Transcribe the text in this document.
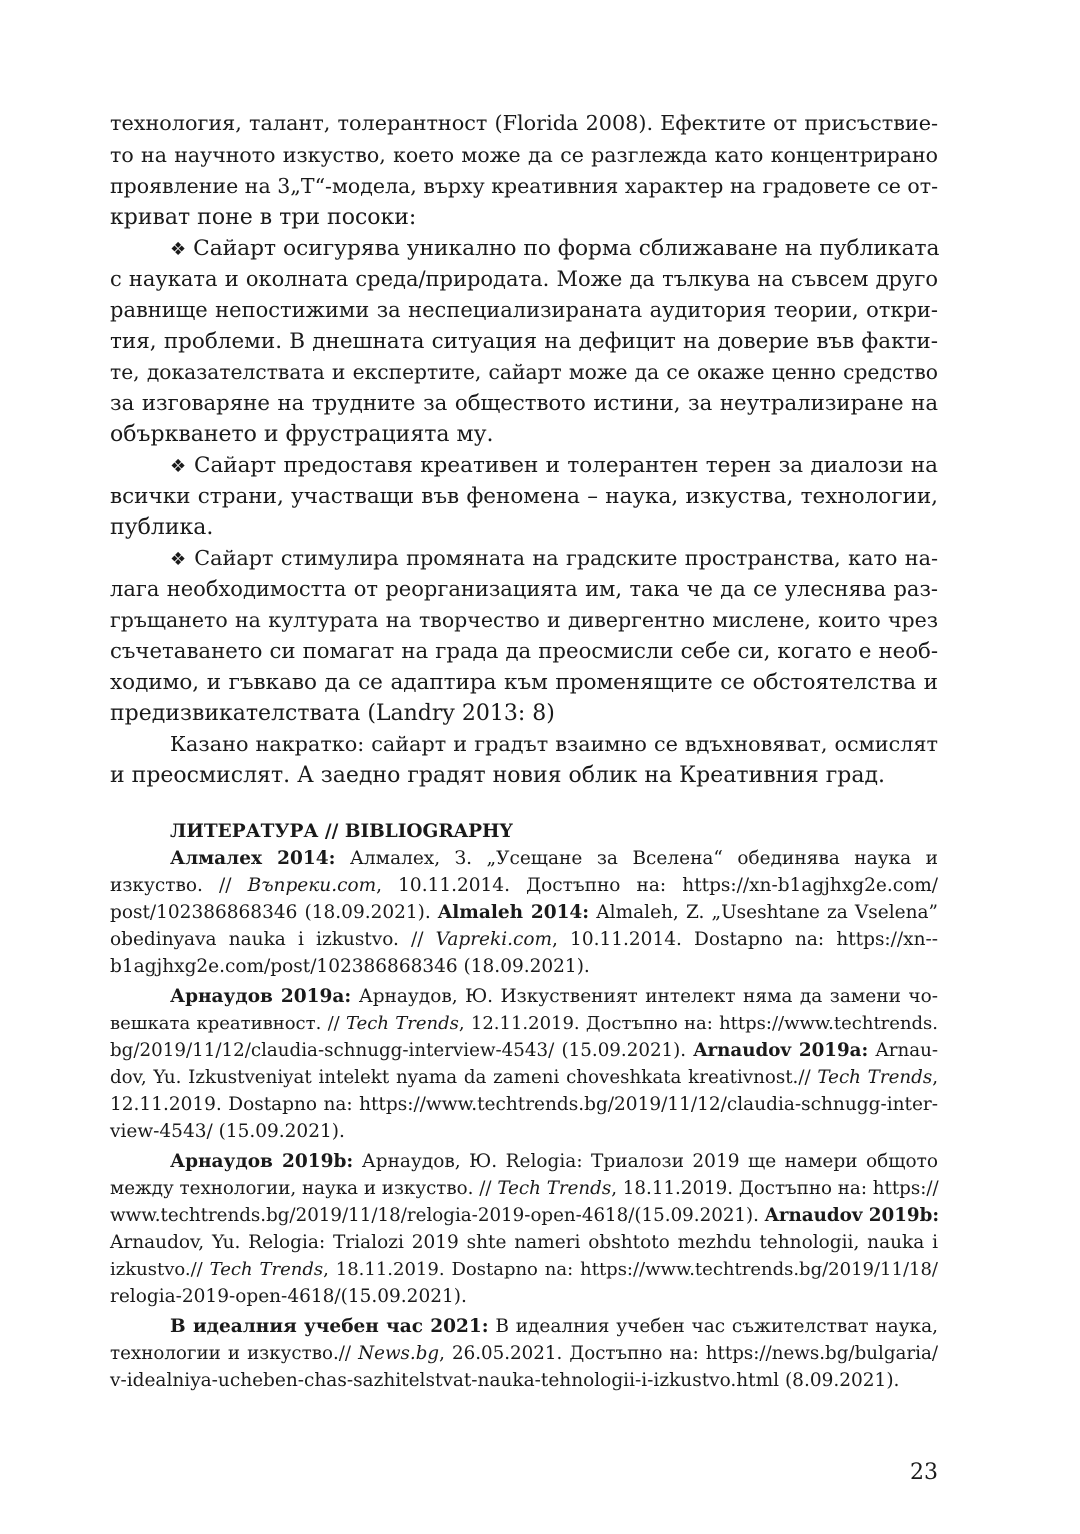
технология, талант, толерантност (Florida 2008). Ефектите от присъствие-
то на научното изкуство, което може да се разглежда като концентрирано
проявление на 3„Т“-модела, върху креативния характер на градовете се от-
криват поне в три посоки:
❖ Сайарт осигурява уникално по форма сближаване на публиката
с науката и околната среда/природата. Може да тълкува на съвсем друго
равнище непостижими за неспециализираната аудитория теории, откри-
тия, проблеми. В днешната ситуация на дефицит на доверие във факти-
те, доказателствата и експертите, сайарт може да се окаже ценно средство
за изговаряне на трудните за обществото истини, за неутрализиране на
объркването и фрустрацията му.
❖ Сайарт предоставя креативен и толерантен терен за диалози на
всички страни, участващи във феномена – наука, изкуства, технологии,
публика.
❖ Сайарт стимулира промяната на градските пространства, като на-
лага необходимостта от реорганизацията им, така че да се улеснява раз-
гръщането на културата на творчество и дивергентно мислене, които чрез
съчетаването си помагат на града да преосмисли себе си, когато е необ-
ходимо, и гъвкаво да се адаптира към променящите се обстоятелства и
предизвикателствата (Landry 2013: 8)
Казано накратко: сайарт и градът взаимно се вдъхновяват, осмислят
и преосмислят. А заедно градят новия облик на Креативния град.
ЛИТЕРАТУРА // BIBLIOGRAPHY
Алмалех 2014: Алмалех, З. „Усещане за Вселена“ обединява наука и
изкуство. // Въпреки.com, 10.11.2014. Достъпно на: https://xn-b1agjhxg2e.com/
post/102386868346 (18.09.2021). Almaleh 2014: Almaleh, Z. „Useshtane za Vselena”
obedinyava nauka i izkustvo. // Vapreki.com, 10.11.2014. Dostapno na: https://xn--
b1agjhxg2e.com/post/102386868346 (18.09.2021).
Арнаудов 2019a: Арнаудов, Ю. Изкуственият интелект няма да замени чо-
вешката креативност. // Tech Trends, 12.11.2019. Достъпно на: https://www.techtrends.
bg/2019/11/12/claudia-schnugg-interview-4543/ (15.09.2021). Arnaudov 2019a: Arnau-
dov, Yu. Izkustveniyat intelekt nyama da zameni choveshkata kreativnost.// Tech Trends,
12.11.2019. Dostapno na: https://www.techtrends.bg/2019/11/12/claudia-schnugg-inter-
view-4543/ (15.09.2021).
Арнаудов 2019b: Арнаудов, Ю. Relogia: Триалози 2019 ще намери общото
между технологии, наука и изкуство. // Tech Trends, 18.11.2019. Достъпно на: https://
www.techtrends.bg/2019/11/18/relogia-2019-open-4618/(15.09.2021). Arnaudov 2019b:
Arnaudov, Yu. Relogia: Trialozi 2019 shte nameri obshtoto mezhdu tehnologii, nauka i
izkustvo.// Tech Trends, 18.11.2019. Dostapno na: https://www.techtrends.bg/2019/11/18/
relogia-2019-open-4618/(15.09.2021).
В идеалния учебен час 2021: В идеалния учебен час съжителстват наука,
технологии и изкуство.// News.bg, 26.05.2021. Достъпно на: https://news.bg/bulgaria/
v-idealniya-ucheben-chas-sazhitelstvat-nauka-tehnologii-i-izkustvo.html (8.09.2021).
23
